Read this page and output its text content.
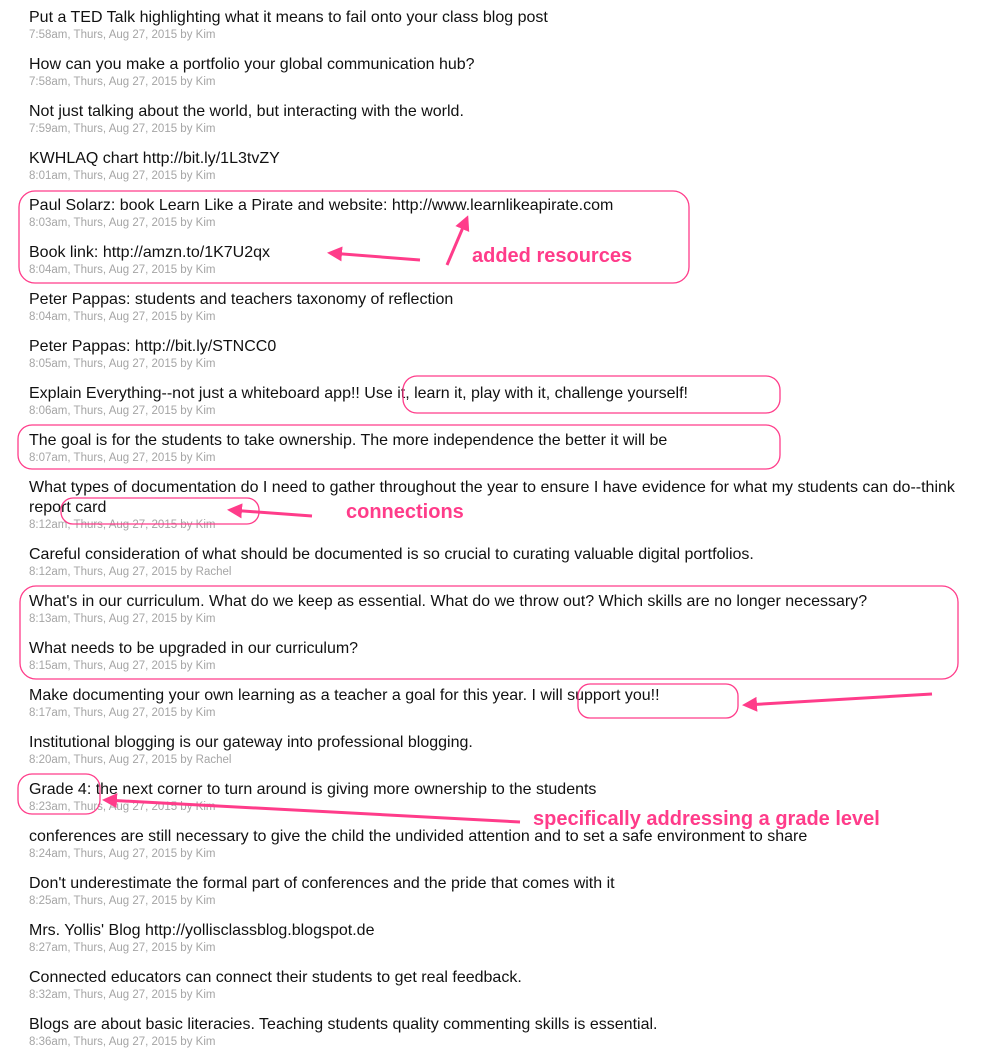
Put a TED Talk highlighting what it means to fail onto your class blog post
7:58am, Thurs, Aug 27, 2015 by Kim
How can you make a portfolio your global communication hub?
7:58am, Thurs, Aug 27, 2015 by Kim
Not just talking about the world, but interacting with the world.
7:59am, Thurs, Aug 27, 2015 by Kim
KWHLAQ chart http://bit.ly/1L3tvZY
8:01am, Thurs, Aug 27, 2015 by Kim
Paul Solarz: book Learn Like a Pirate and website: http://www.learnlikeapirate.com
8:03am, Thurs, Aug 27, 2015 by Kim
Book link: http://amzn.to/1K7U2qx
8:04am, Thurs, Aug 27, 2015 by Kim
Peter Pappas: students and teachers taxonomy of reflection
8:04am, Thurs, Aug 27, 2015 by Kim
Peter Pappas: http://bit.ly/STNCC0
8:05am, Thurs, Aug 27, 2015 by Kim
Explain Everything--not just a whiteboard app!! Use it, learn it, play with it, challenge yourself!
8:06am, Thurs, Aug 27, 2015 by Kim
The goal is for the students to take ownership. The more independence the better it will be
8:07am, Thurs, Aug 27, 2015 by Kim
What types of documentation do I need to gather throughout the year to ensure I have evidence for what my students can do--think report card
8:12am, Thurs, Aug 27, 2015 by Kim
Careful consideration of what should be documented is so crucial to curating valuable digital portfolios.
8:12am, Thurs, Aug 27, 2015 by Rachel
What's in our curriculum. What do we keep as essential. What do we throw out? Which skills are no longer necessary?
8:13am, Thurs, Aug 27, 2015 by Kim
What needs to be upgraded in our curriculum?
8:15am, Thurs, Aug 27, 2015 by Kim
Make documenting your own learning as a teacher a goal for this year. I will support you!!
8:17am, Thurs, Aug 27, 2015 by Kim
Institutional blogging is our gateway into professional blogging.
8:20am, Thurs, Aug 27, 2015 by Rachel
Grade 4: the next corner to turn around is giving more ownership to the students
8:23am, Thurs, Aug 27, 2015 by Kim
conferences are still necessary to give the child the undivided attention and to set a safe environment to share
8:24am, Thurs, Aug 27, 2015 by Kim
Don't underestimate the formal part of conferences and the pride that comes with it
8:25am, Thurs, Aug 27, 2015 by Kim
Mrs. Yollis' Blog http://yollisclassblog.blogspot.de
8:27am, Thurs, Aug 27, 2015 by Kim
Connected educators can connect their students to get real feedback.
8:32am, Thurs, Aug 27, 2015 by Kim
Blogs are about basic literacies. Teaching students quality commenting skills is essential.
8:36am, Thurs, Aug 27, 2015 by Kim
added resources
connections
specifically addressing a grade level
